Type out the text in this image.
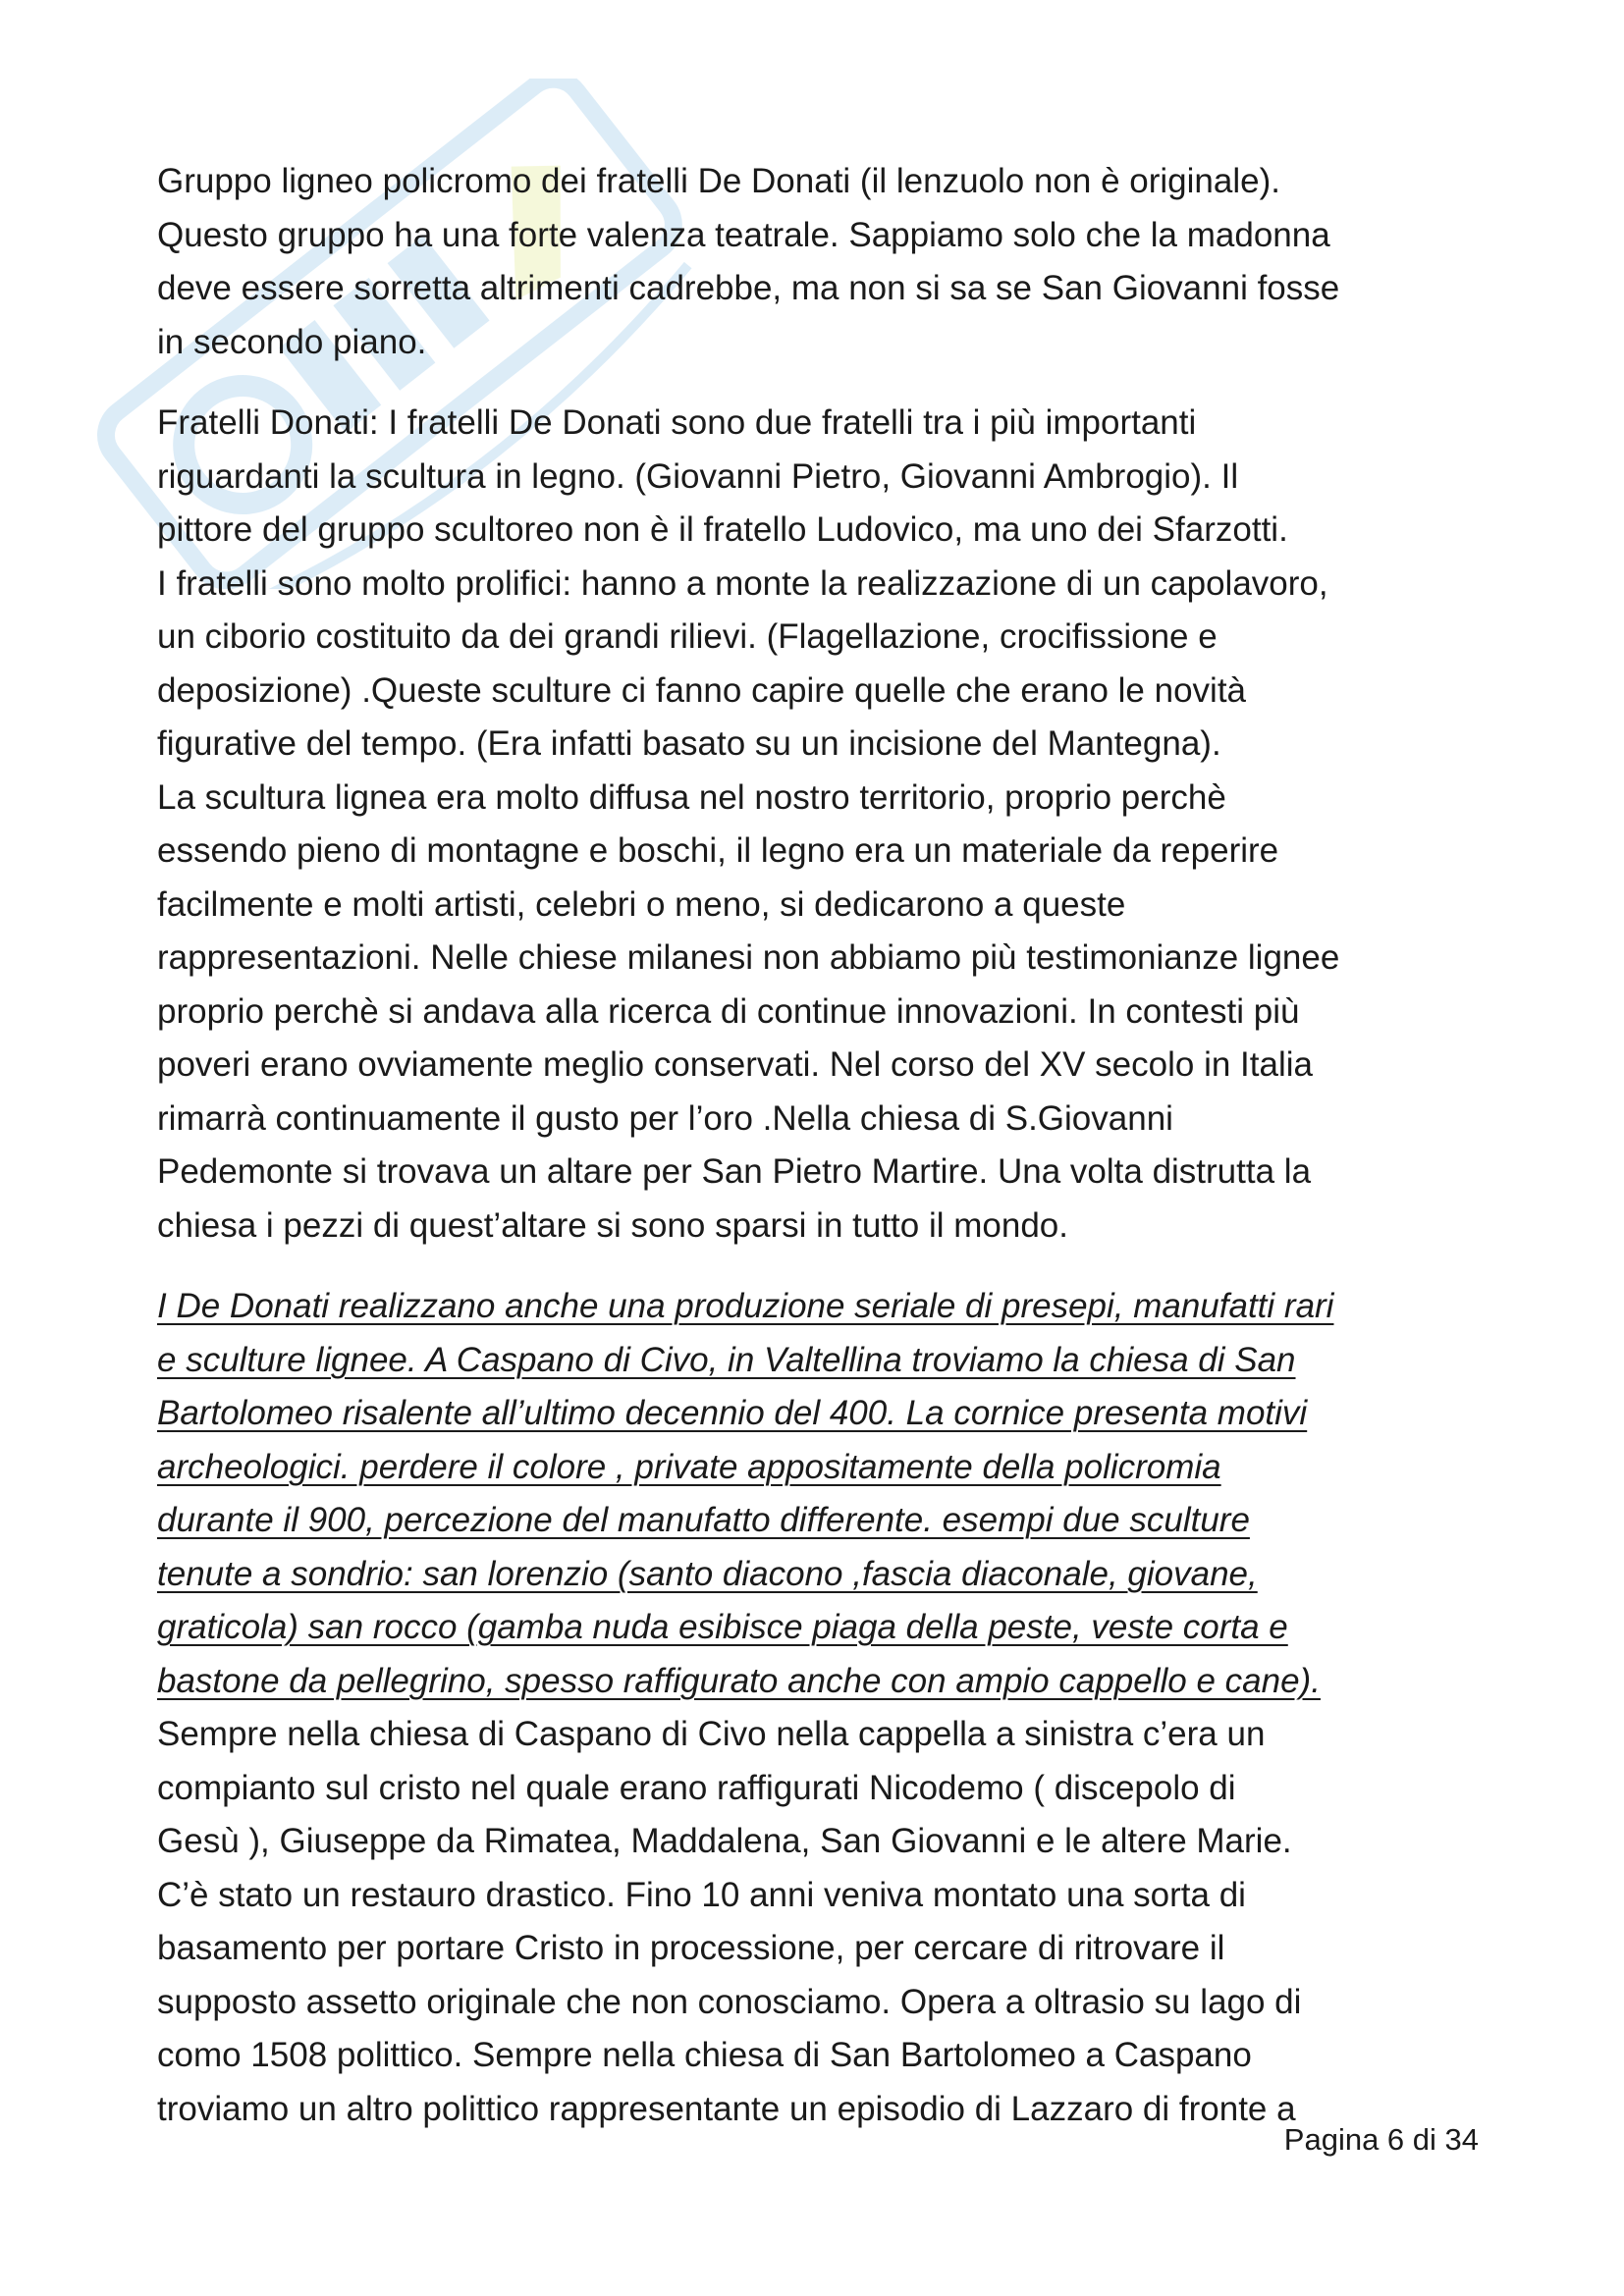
Gruppo ligneo policromo dei fratelli De Donati (il lenzuolo non è originale).
Questo gruppo ha una forte valenza teatrale. Sappiamo solo che la madonna
deve essere sorretta altrimenti cadrebbe, ma non si sa se San Giovanni fosse
in secondo piano.

Fratelli Donati: I fratelli De Donati sono due fratelli tra i più importanti
riguardanti la scultura in legno. (Giovanni Pietro, Giovanni Ambrogio). Il
pittore del gruppo scultoreo non è il fratello Ludovico, ma uno dei Sfarzotti.
I fratelli sono molto prolifici: hanno a monte la realizzazione di un capolavoro,
un ciborio costituito da dei grandi rilievi. (Flagellazione, crocifissione e
deposizione) .Queste sculture ci fanno capire quelle che erano le novità
figurative del tempo. (Era infatti basato su un incisione del Mantegna).
La scultura lignea era molto diffusa nel nostro territorio, proprio perchè
essendo pieno di montagne e boschi, il legno era un materiale da reperire
facilmente e molti artisti, celebri o meno, si dedicarono a queste
rappresentazioni. Nelle chiese milanesi non abbiamo più testimonianze lignee
proprio perchè si andava alla ricerca di continue innovazioni. In contesti più
poveri erano ovviamente meglio conservati. Nel corso del XV secolo in Italia
rimarrà continuamente il gusto per l’oro .Nella chiesa di S.Giovanni
Pedemonte si trovava un altare per San Pietro Martire. Una volta distrutta la
chiesa i pezzi di quest’altare si sono sparsi in tutto il mondo.

I De Donati realizzano anche una produzione seriale di presepi, manufatti rari
e sculture lignee. A Caspano di Civo, in Valtellina troviamo la chiesa di San
Bartolomeo risalente all’ultimo decennio del 400. La cornice presenta motivi
archeologici. perdere il colore , private appositamente della policromia
durante il 900, percezione del manufatto differente. esempi due sculture
tenute a sondrio: san lorenzio (santo diacono ,fascia diaconale, giovane,
graticola) san rocco (gamba nuda esibisce piaga della peste, veste corta e
bastone da pellegrino, spesso raffigurato anche con ampio cappello e cane).
Sempre nella chiesa di Caspano di Civo nella cappella a sinistra c’era un
compianto sul cristo nel quale erano raffigurati Nicodemo ( discepolo di
Gesù ), Giuseppe da Rimatea, Maddalena, San Giovanni e le altere Marie.
C’è stato un restauro drastico. Fino 10 anni veniva montato una sorta di
basamento per portare Cristo in processione, per cercare di ritrovare il
supposto assetto originale che non conosciamo. Opera a oltrasio su lago di
como 1508 polittico. Sempre nella chiesa di San Bartolomeo a Caspano
troviamo un altro polittico rappresentante un episodio di Lazzaro di fronte a
Pagina 6 di 34
